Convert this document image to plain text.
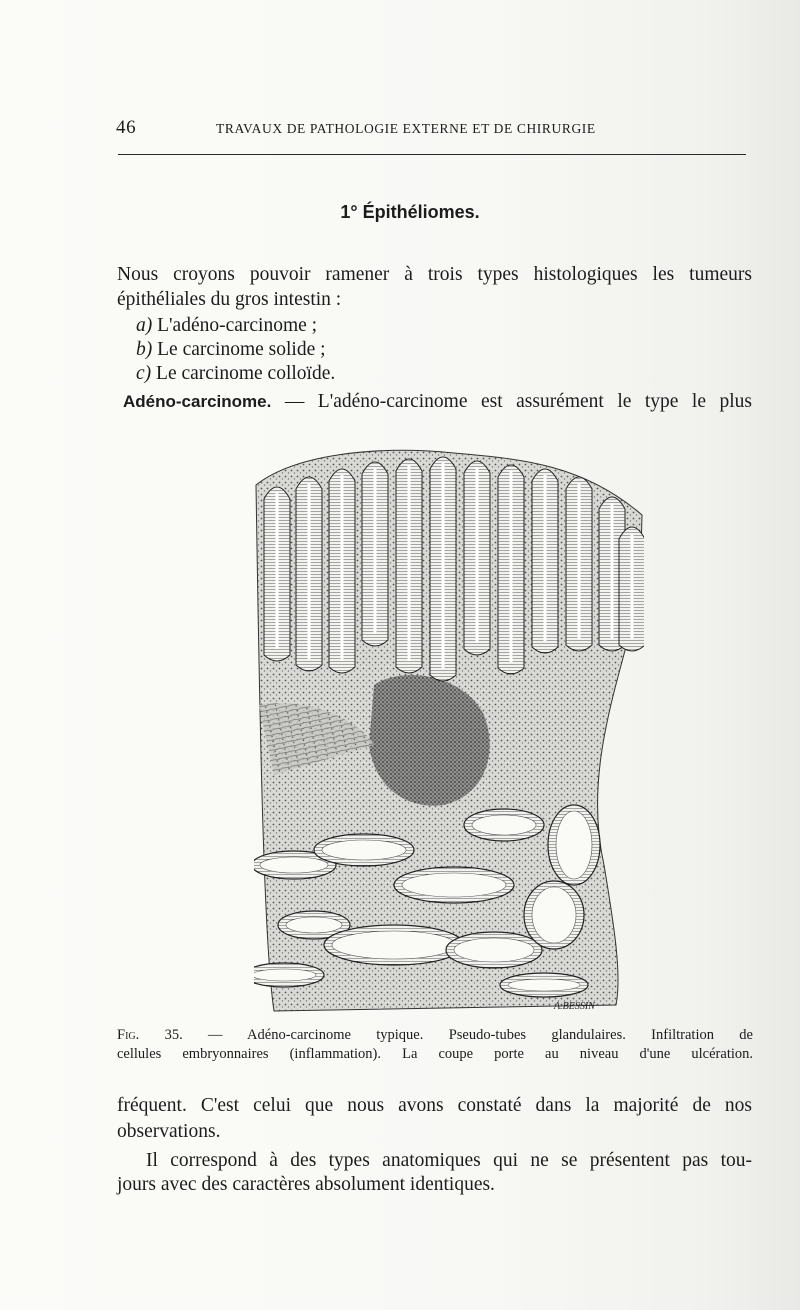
46	TRAVAUX DE PATHOLOGIE EXTERNE ET DE CHIRURGIE
1° Épithéliomes.
Nous croyons pouvoir ramener à trois types histologiques les tumeurs
épithéliales du gros intestin :
a) L'adéno-carcinome ;
b) Le carcinome solide ;
c) Le carcinome colloïde.
Adéno-carcinome. — L'adéno-carcinome est assurément le type le plus
A.BESSIN
Fig. 35. — Adéno-carcinome typique. Pseudo-tubes glandulaires. Infiltration de
cellules embryonnaires (inflammation). La coupe porte au niveau d'une ulcération.
fréquent. C'est celui que nous avons constaté dans la majorité de nos
observations.
Il correspond à des types anatomiques qui ne se présentent pas tou-
jours avec des caractères absolument identiques.
